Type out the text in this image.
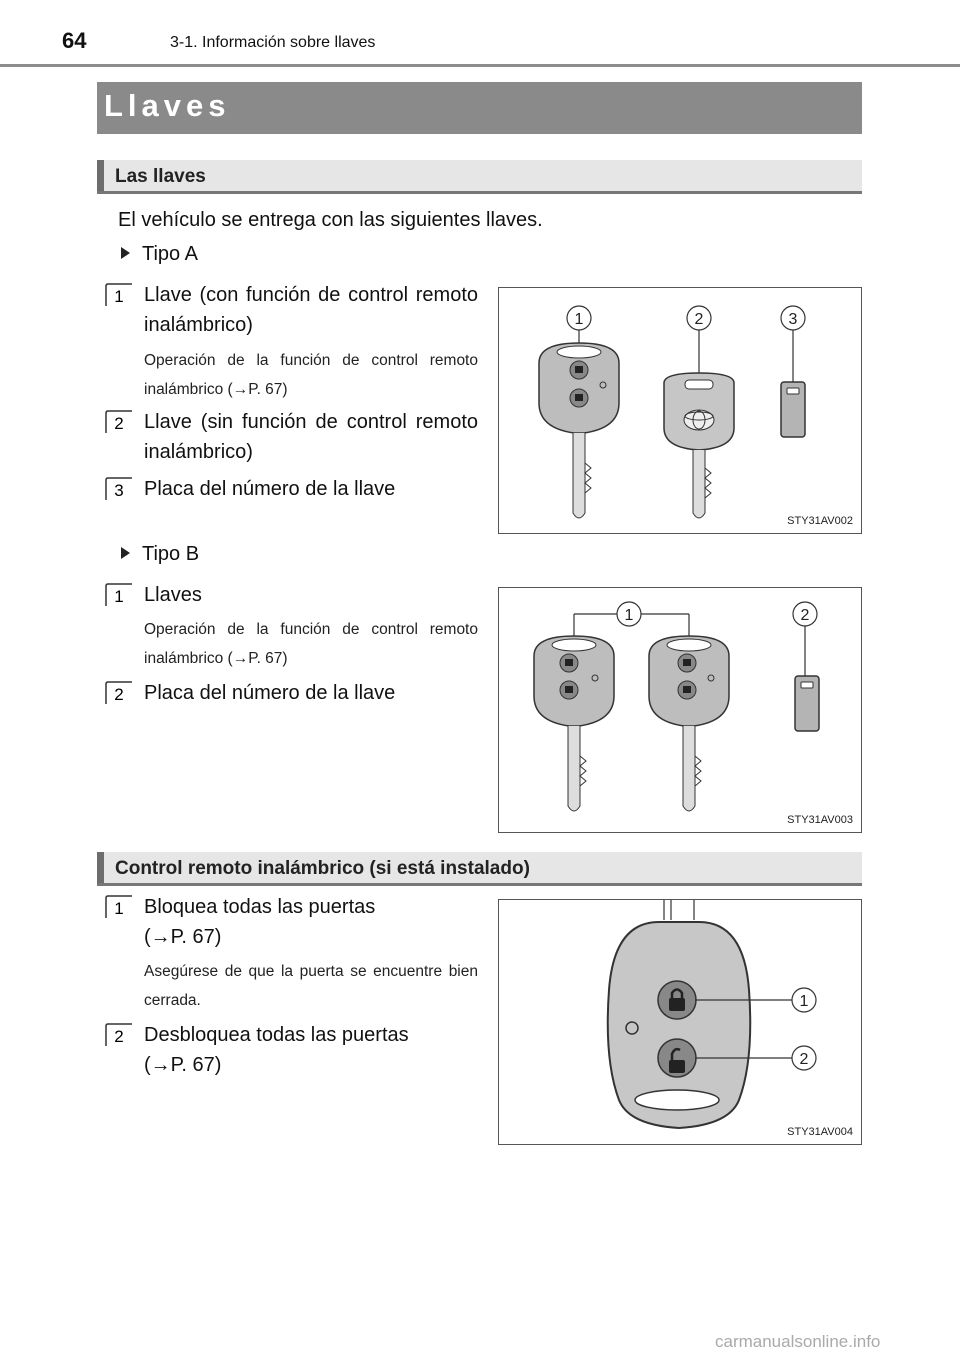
64	3-1. Información sobre llaves
Llaves
Las llaves
El vehículo se entrega con las siguientes llaves.
Tipo A
1 Llave (con función de control remoto inalámbrico)
Operación de la función de control remoto inalámbrico (→P. 67)
2 Llave (sin función de control remoto inalámbrico)
3 Placa del número de la llave
1	2	3
STY31AV002
Tipo B
1 Llaves
Operación de la función de control remoto inalámbrico (→P. 67)
2 Placa del número de la llave
1	2
STY31AV003
Control remoto inalámbrico (si está instalado)
1 Bloquea todas las puertas
(→P. 67)
Asegúrese de que la puerta se encuentre bien cerrada.
2 Desbloquea todas las puertas
(→P. 67)
1
2
STY31AV004
carmanualsonline.info
